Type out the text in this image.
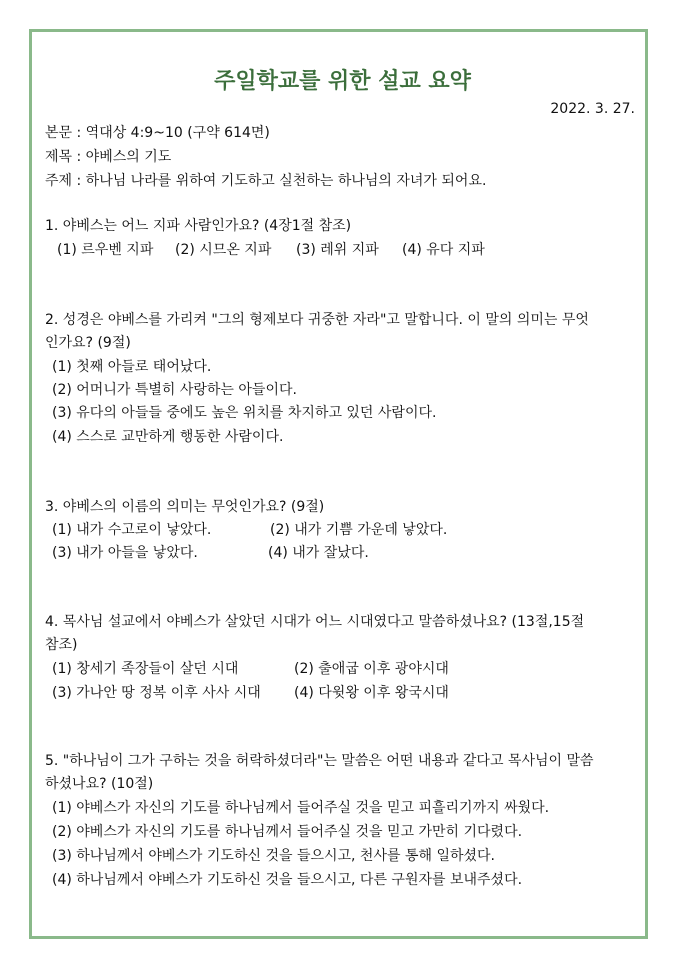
주일학교를 위한 설교 요약
2022. 3. 27.
본문 : 역대상 4:9~10 (구약 614면)
제목 : 야베스의 기도
주제 : 하나님 나라를 위하여 기도하고 실천하는 하나님의 자녀가 되어요.
1. 야베스는 어느 지파 사람인가요? (4장1절 참조)
(1) 르우벤 지파 (2) 시므온 지파 (3) 레위 지파 (4) 유다 지파
2. 성경은 야베스를 가리켜 "그의 형제보다 귀중한 자라"고 말합니다. 이 말의 의미는 무엇
인가요? (9절)
(1) 첫째 아들로 태어났다.
(2) 어머니가 특별히 사랑하는 아들이다.
(3) 유다의 아들들 중에도 높은 위치를 차지하고 있던 사람이다.
(4) 스스로 교만하게 행동한 사람이다.
3. 야베스의 이름의 의미는 무엇인가요? (9절)
(1) 내가 수고로이 낳았다.	(2) 내가 기쁨 가운데 낳았다.
(3) 내가 아들을 낳았다.	(4) 내가 잘났다.
4. 목사님 설교에서 야베스가 살았던 시대가 어느 시대였다고 말씀하셨나요? (13절,15절
참조)
(1) 창세기 족장들이 살던 시대	(2) 출애굽 이후 광야시대
(3) 가나안 땅 정복 이후 사사 시대 (4) 다윗왕 이후 왕국시대
5. "하나님이 그가 구하는 것을 허락하셨더라"는 말씀은 어떤 내용과 같다고 목사님이 말씀
하셨나요? (10절)
(1) 야베스가 자신의 기도를 하나님께서 들어주실 것을 믿고 피흘리기까지 싸웠다.
(2) 야베스가 자신의 기도를 하나님께서 들어주실 것을 믿고 가만히 기다렸다.
(3) 하나님께서 야베스가 기도하신 것을 들으시고, 천사를 통해 일하셨다.
(4) 하나님께서 야베스가 기도하신 것을 들으시고, 다른 구원자를 보내주셨다.
